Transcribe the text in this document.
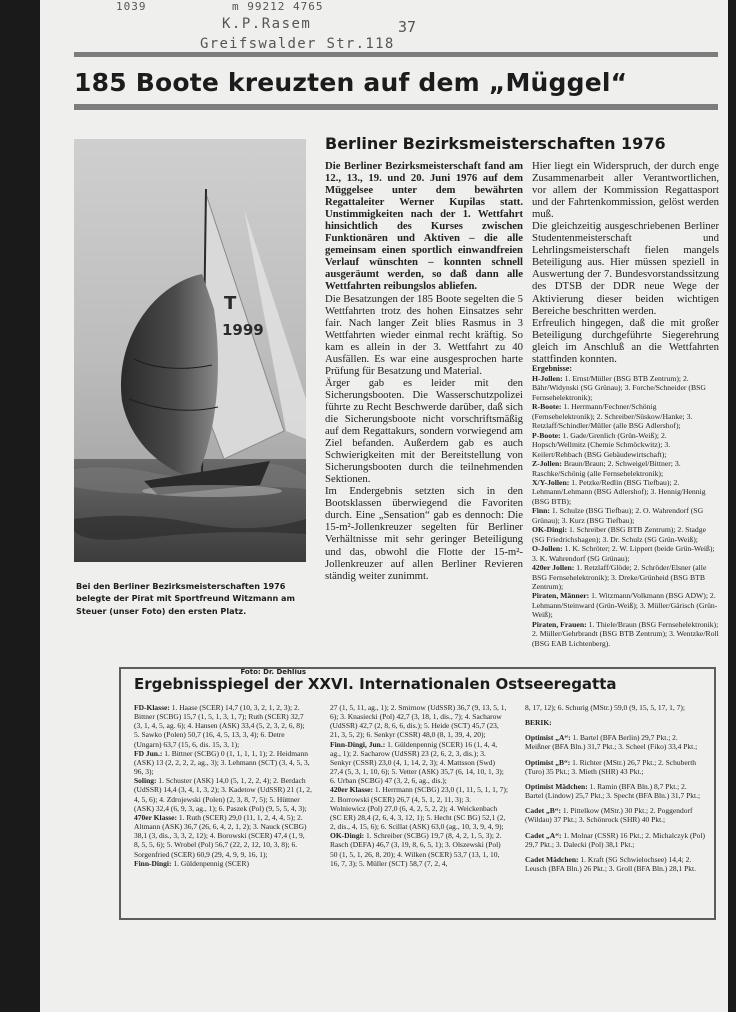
1039	m 99212 4765
K.P.Rasem	37
Greifswalder Str.118
185 Boote kreuzten auf dem „Müggel“
T
1999
Bei den Berliner Bezirksmeisterschaften 1976 belegte der Pirat mit Sportfreund Witzmann am Steuer (unser Foto) den ersten Platz.
Foto: Dr. Dehlius
Berliner Bezirksmeisterschaften 1976

Die Berliner Bezirksmeisterschaft fand am 12., 13., 19. und 20. Juni 1976 auf dem Müggelsee unter dem bewährten Regattaleiter Werner Kupilas statt. Unstimmigkeiten nach der 1. Wettfahrt hinsichtlich des Kurses zwischen Funktionären und Aktiven – die alle gemeinsam einen sportlich einwandfreien Verlauf wünschten – konnten schnell ausgeräumt werden, so daß dann alle Wettfahrten reibungslos abliefen.

Die Besatzungen der 185 Boote segelten die 5 Wettfahrten trotz des hohen Einsatzes sehr fair. Nach langer Zeit blies Rasmus in 3 Wettfahrten wieder einmal recht kräftig. So kam es allein in der 3. Wettfahrt zu 40 Ausfällen. Es war eine ausgesprochen harte Prüfung für Besatzung und Material.

Ärger gab es leider mit den Sicherungsbooten. Die Wasserschutzpolizei führte zu Recht Beschwerde darüber, daß sich die Sicherungsboote nicht vorschriftsmäßig auf dem Regattakurs, sondern vorwiegend am Ziel befanden. Außerdem gab es auch Schwierigkeiten mit der Bereitstellung von Sicherungsbooten durch die teilnehmenden Sektionen.

Im Endergebnis setzten sich in den Bootsklassen überwiegend die Favoriten durch. Eine „Sensation“ gab es dennoch: Die 15-m²-Jollenkreuzer segelten für Berliner Verhältnisse mit sehr geringer Beteiligung und das, obwohl die Flotte der 15-m²-Jollenkreuzer auf allen Berliner Revieren ständig weiter zunimmt.

Hier liegt ein Widerspruch, der durch enge Zusammenarbeit aller Verantwortlichen, vor allem der Kommission Regattasport und der Fahrtenkommission, gelöst werden muß.

Die gleichzeitig ausgeschriebenen Berliner Studentenmeisterschaft und Lehrlingsmeisterschaft fielen mangels Beteiligung aus. Hier müssen speziell in Auswertung der 7. Bundesvorstandssitzung des DTSB der DDR neue Wege der Aktivierung dieser beiden wichtigen Bereiche beschritten werden.

Erfreulich hingegen, daß die mit großer Beteiligung durchgeführte Siegerehrung gleich im Anschluß an die Wettfahrten stattfinden konnten.

Ergebnisse:

H-Jollen: 1. Ernst/Müller (BSG BTB Zentrum); 2. Bähr/Widynski (SG Grünau); 3. Forche/Schneider (BSG Fernsehelektronik);

R-Boote: 1. Herrmann/Fechner/Schönig (Fernsehelektronik); 2. Schreiber/Süskow/Hanke; 3. Retzlaff/Schindler/Müller (alle BSG Adlershof);

P-Boote: 1. Gade/Grenlich (Grün-Weiß); 2. Hopsch/Wellmitz (Chemie Schmöckwitz); 3. Keilert/Rehbach (BSG Gebäudewirtschaft);

Z-Jollen: Braun/Braun; 2. Schweigel/Bittner; 3. Raschke/Schönig (alle Fernsehelektronik);

X/Y-Jollen: 1. Petzke/Redlin (BSG Tiefbau); 2. Lehmann/Lehmann (BSG Adlershof); 3. Hennig/Hennig (BSG BTB);

Finn: 1. Schulze (BSG Tiefbau); 2. O. Wahrendorf (SG Grünau); 3. Kurz (BSG Tiefbau);

OK-Dingi: 1. Schreiber (BSG BTB Zentrum); 2. Stadge (SG Friedrichshagen); 3. Dr. Schulz (SG Grün-Weiß);

O-Jollen: 1. K. Schröter; 2. W. Lippert (beide Grün-Weiß); 3. K. Wahrendorf (SG Grünau);

420er Jollen: 1. Retzlaff/Glöde; 2. Schröder/Elsner (alle BSG Fernsehelektronik); 3. Dreke/Grünheid (BSG BTB Zentrum);

Piraten, Männer: 1. Witzmann/Volkmann (BSG ADW); 2. Lehmann/Steinward (Grün-Weiß); 3. Müller/Gärisch (Grün-Weiß);

Piraten, Frauen: 1. Thiele/Braun (BSG Fernsehelektronik); 2. Müller/Gehrbrandt (BSG BTB Zentrum); 3. Wentzke/Roll (BSG EAB Lichtenberg).

Ergebnisspiegel der XXVI. Internationalen Ostseeregatta

FD-Klasse: 1. Haase (SCER) 14,7 (10, 3, 2, 1, 2, 3); 2. Bittner (SCBG) 15,7 (1, 5, 1, 3, 1, 7); Ruth (SCER) 32,7 (3, 1, 4, 5, ag. 6); 4. Hansen (ASK) 33,4 (5, 2, 3, 2, 6, 8); 5. Sawko (Polen) 50,7 (16, 4, 5, 13, 3, 4); 6. Detre (Ungarn) 63,7 (15, 6, dis. 15, 3, 1);

FD Jun.: 1. Bittner (SCBG) 0 (1, 1, 1, 1, 1); 2. Heidmann (ASK) 13 (2, 2, 2, 2, ag., 3); 3. Lehmann (SCT) (3, 4, 5, 3, 96, 3);

Soling: 1. Schuster (ASK) 14,0 (5, 1, 2, 2, 4); 2. Berdach (UdSSR) 14,4 (3, 4, 1, 3, 2); 3. Kadetow (UdSSR) 21 (1, 2, 4, 5, 6); 4. Zdrojewski (Polen) (2, 3, 8, 7, 5); 5. Hüttner (ASK) 32,4 (6, 9, 3, ag., 1); 6. Paszek (Pol) (9, 5, 5, 4, 3);

470er Klasse: 1. Ruth (SCER) 29,0 (11, 1, 2, 4, 4, 5); 2. Altmann (ASK) 36,7 (26, 6, 4, 2, 1, 2); 3. Nauck (SCBG) 38,1 (3, dis., 3, 3, 2, 12); 4. Borowski (SCER) 47,4 (1, 9, 8, 5, 5, 6); 5. Wrobel (Pol) 56,7 (22, 2, 12, 10, 3, 8); 6. Sorgenfried (SCER) 60,9 (29, 4, 9, 9, 16, 1);

Finn-Dingi: 1. Güldenpennig (SCER)

27 (1, 5, 11, ag., 1); 2. Smirnow (UdSSR) 36,7 (9, 13, 5, 1, 6); 3. Knasiecki (Pol) 42,7 (3, 18, 1, dis., 7); 4. Sacharow (UdSSR) 42,7 (2, 8, 6, 6, dis.); 5. Heide (SCT) 45,7 (23, 21, 3, 5, 2); 6. Senkyr (CSSR) 48,0 (8, 1, 39, 4, 20);

Finn-Dingi, Jun.: 1. Güldenpennig (SCER) 16 (1, 4, 4, ag., 1); 2. Sacharow (UdSSR) 23 (2, 6, 2, 3, dis.); 3. Senkyr (CSSR) 23,0 (4, 1, 14, 2, 3); 4. Mattsson (Swd) 27,4 (5, 3, 1, 10, 6); 5. Vetter (ASK) 35,7 (6, 14, 10, 1, 3); 6. Urban (SCBG) 47 (3, 2, 6, ag., dis.);

420er Klasse: 1. Herrmann (SCBG) 23,0 (1, 11, 5, 1, 1, 7); 2. Borrowski (SCER) 26,7 (4, 5, 1, 2, 11, 3); 3. Wolniewicz (Pol) 27,0 (6, 4, 2, 5, 2, 2); 4. Weickenbach (SC ER) 28,4 (2, 6, 4, 3, 12, 1); 5. Hecht (SC BG) 52,1 (2, 2, dis., 4, 15, 6); 6. Scillat (ASK) 63,0 (ag., 10, 3, 9, 4, 9);

OK-Dingi: 1. Schreiber (SCBG) 19,7 (8, 4, 2, 1, 5, 3); 2. Rasch (DEFA) 46,7 (3, 19, 8, 6, 5, 1); 3. Olszewski (Pol) 50 (1, 5, 1, 26, 8, 20); 4. Wilken (SCER) 53,7 (13, 1, 10, 16, 7, 3); 5. Müller (SCT) 58,7 (7, 2, 4,

8, 17, 12); 6. Schurig (MStr.) 59,0 (9, 15, 5, 17, 1, 7);

BERIK:

Optimist „A“: 1. Bartel (BFA Berlin) 29,7 Pkt.; 2. Meißner (BFA Bln.) 31,7 Pkt.; 3. Scheel (Fiko) 33,4 Pkt.;

Optimist „B“: 1. Richter (MStr.) 26,7 Pkt.; 2. Schuberth (Turo) 35 Pkt.; 3. Mieth (SHR) 43 Pkt.;

Optimist Mädchen: 1. Ramin (BFA Bln.) 8,7 Pkt.; 2. Bartel (Lindow) 25,7 Pkt.; 3. Specht (BFA Bln.) 31,7 Pkt.;

Cadet „B“: 1. Pittelkow (MStr.) 30 Pkt.; 2. Poggendorf (Wildau) 37 Pkt.; 3. Schönrock (SHR) 40 Pkt.;

Cadet „A“: 1. Molnar (CSSR) 16 Pkt.; 2. Michalczyk (Pol) 29,7 Pkt.; 3. Dalecki (Pol) 38,1 Pkt.;

Cadet Mädchen: 1. Kraft (SG Schwielochsee) 14,4; 2. Leusch (BFA Bln.) 26 Pkt.; 3. Groll (BFA Bln.) 28,1 Pkt.
